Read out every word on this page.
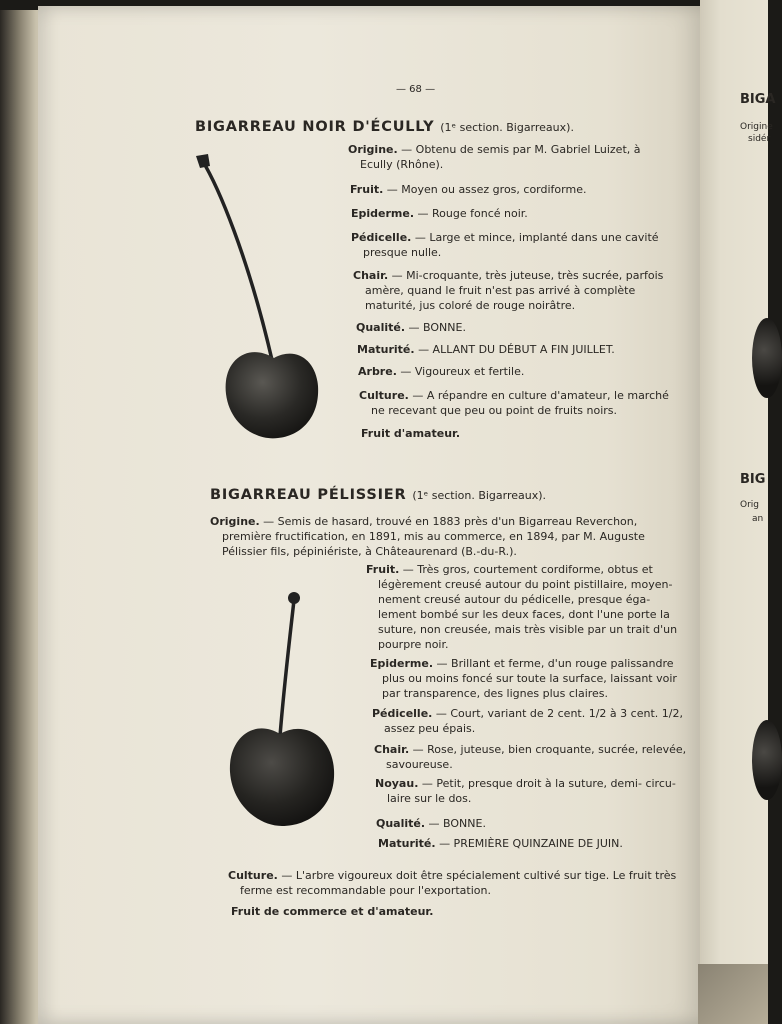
— 68 —
BIGARREAU NOIR D'ÉCULLY (1ᵉ section. Bigarreaux).
Origine. — Obtenu de semis par M. Gabriel Luizet, à
Ecully (Rhône).
Fruit. — Moyen ou assez gros, cordiforme.
Epiderme. — Rouge foncé noir.
Pédicelle. — Large et mince, implanté dans une cavité
presque nulle.
Chair. — Mi-croquante, très juteuse, très sucrée, parfois
amère, quand le fruit n'est pas arrivé à complète
maturité, jus coloré de rouge noirâtre.
Qualité. — BONNE.
Maturité. — ALLANT DU DÉBUT A FIN JUILLET.
Arbre. — Vigoureux et fertile.
Culture. — A répandre en culture d'amateur, le marché
ne recevant que peu ou point de fruits noirs.
Fruit d'amateur.
BIGARREAU PÉLISSIER (1ᵉ section. Bigarreaux).
Origine. — Semis de hasard, trouvé en 1883 près d'un Bigarreau Reverchon,
première fructification, en 1891, mis au commerce, en 1894, par M. Auguste
Pélissier fils, pépiniériste, à Châteaurenard (B.-du-R.).
Fruit. — Très gros, courtement cordiforme, obtus et
légèrement creusé autour du point pistillaire, moyen-
nement creusé autour du pédicelle, presque éga-
lement bombé sur les deux faces, dont l'une porte la
suture, non creusée, mais très visible par un trait d'un
pourpre noir.
Epiderme. — Brillant et ferme, d'un rouge palissandre
plus ou moins foncé sur toute la surface, laissant voir
par transparence, des lignes plus claires.
Pédicelle. — Court, variant de 2 cent. 1/2 à 3 cent. 1/2,
assez peu épais.
Chair. — Rose, juteuse, bien croquante, sucrée, relevée,
savoureuse.
Noyau. — Petit, presque droit à la suture, demi- circu-
laire sur le dos.
Qualité. — BONNE.
Maturité. — PREMIÈRE QUINZAINE DE JUIN.
Culture. — L'arbre vigoureux doit être spécialement cultivé sur tige. Le fruit très
ferme est recommandable pour l'exportation.
Fruit de commerce et d'amateur.
BIGA
Origine
sidér
BIG
Orig
an
